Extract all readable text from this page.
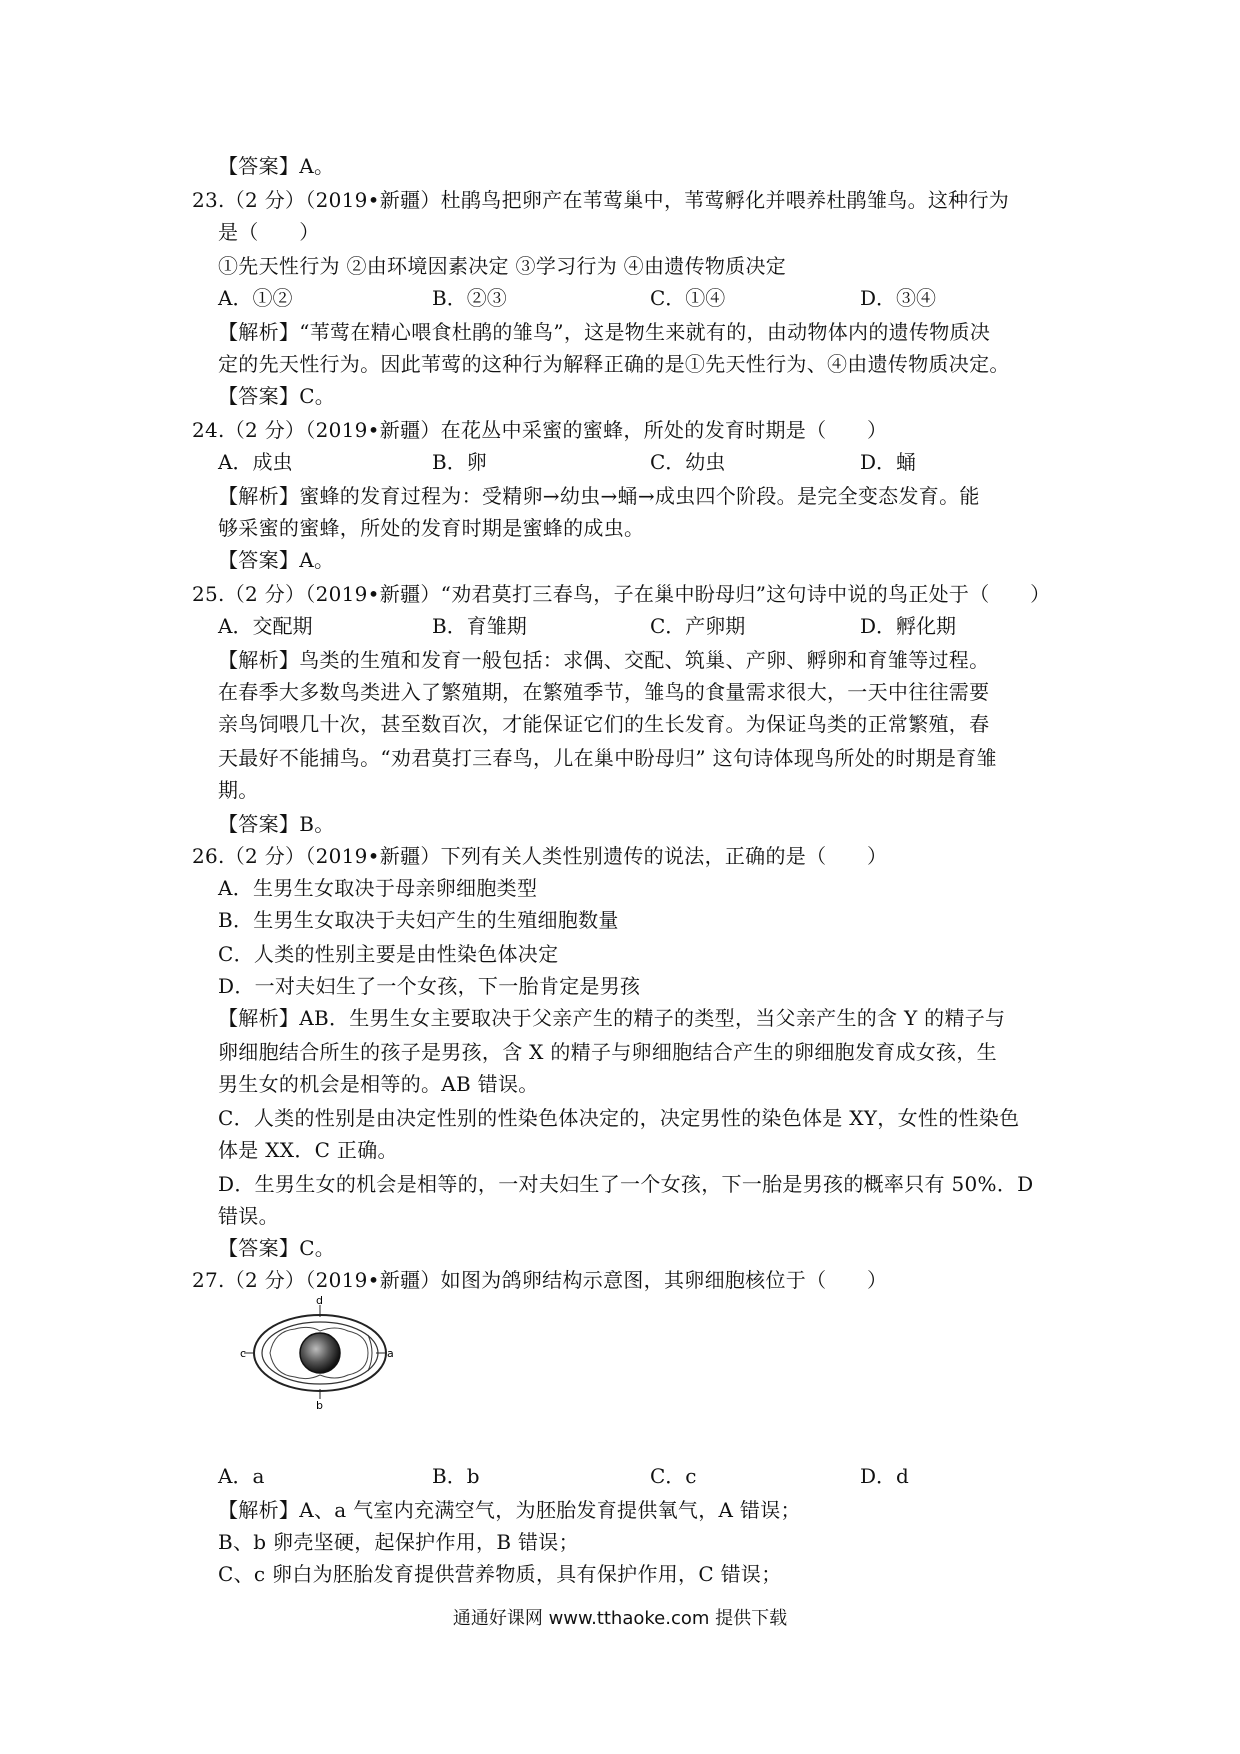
【答案】A。
23.（2 分）（2019•新疆）杜鹃鸟把卵产在苇莺巢中，苇莺孵化并喂养杜鹃雏鸟。这种行为
是（　　）
①先天性行为 ②由环境因素决定 ③学习行为 ④由遗传物质决定
A．①②	B．②③	C．①④	D．③④
【解析】“苇莺在精心喂食杜鹃的雏鸟”，这是物生来就有的，由动物体内的遗传物质决
定的先天性行为。因此苇莺的这种行为解释正确的是①先天性行为、④由遗传物质决定。
【答案】C。
24.（2 分）（2019•新疆）在花丛中采蜜的蜜蜂，所处的发育时期是（　　）
A．成虫	B．卵	C．幼虫	D．蛹
【解析】蜜蜂的发育过程为：受精卵→幼虫→蛹→成虫四个阶段。是完全变态发育。能
够采蜜的蜜蜂，所处的发育时期是蜜蜂的成虫。
【答案】A。
25.（2 分）（2019•新疆）“劝君莫打三春鸟，子在巢中盼母归”这句诗中说的鸟正处于（　　）
A．交配期	B．育雏期	C．产卵期	D．孵化期
【解析】鸟类的生殖和发育一般包括：求偶、交配、筑巢、产卵、孵卵和育雏等过程。
在春季大多数鸟类进入了繁殖期，在繁殖季节，雏鸟的食量需求很大，一天中往往需要
亲鸟饲喂几十次，甚至数百次，才能保证它们的生长发育。为保证鸟类的正常繁殖，春
天最好不能捕鸟。“劝君莫打三春鸟，儿在巢中盼母归” 这句诗体现鸟所处的时期是育雏
期。
【答案】B。
26.（2 分）（2019•新疆）下列有关人类性别遗传的说法，正确的是（　　）
A．生男生女取决于母亲卵细胞类型
B．生男生女取决于夫妇产生的生殖细胞数量
C．人类的性别主要是由性染色体决定
D．一对夫妇生了一个女孩，下一胎肯定是男孩
【解析】AB．生男生女主要取决于父亲产生的精子的类型，当父亲产生的含 Y 的精子与
卵细胞结合所生的孩子是男孩，含 X 的精子与卵细胞结合产生的卵细胞发育成女孩，生
男生女的机会是相等的。AB 错误。
C．人类的性别是由决定性别的性染色体决定的，决定男性的染色体是 XY，女性的性染色
体是 XX．C 正确。
D．生男生女的机会是相等的，一对夫妇生了一个女孩，下一胎是男孩的概率只有 50%．D
错误。
【答案】C。
27.（2 分）（2019•新疆）如图为鸽卵结构示意图，其卵细胞核位于（　　）
d
b
c	a
A．a	B．b	C．c	D．d
【解析】A、a 气室内充满空气，为胚胎发育提供氧气，A 错误；
B、b 卵壳坚硬，起保护作用，B 错误；
C、c 卵白为胚胎发育提供营养物质，具有保护作用，C 错误；
通通好课网 www.tthaoke.com 提供下载
